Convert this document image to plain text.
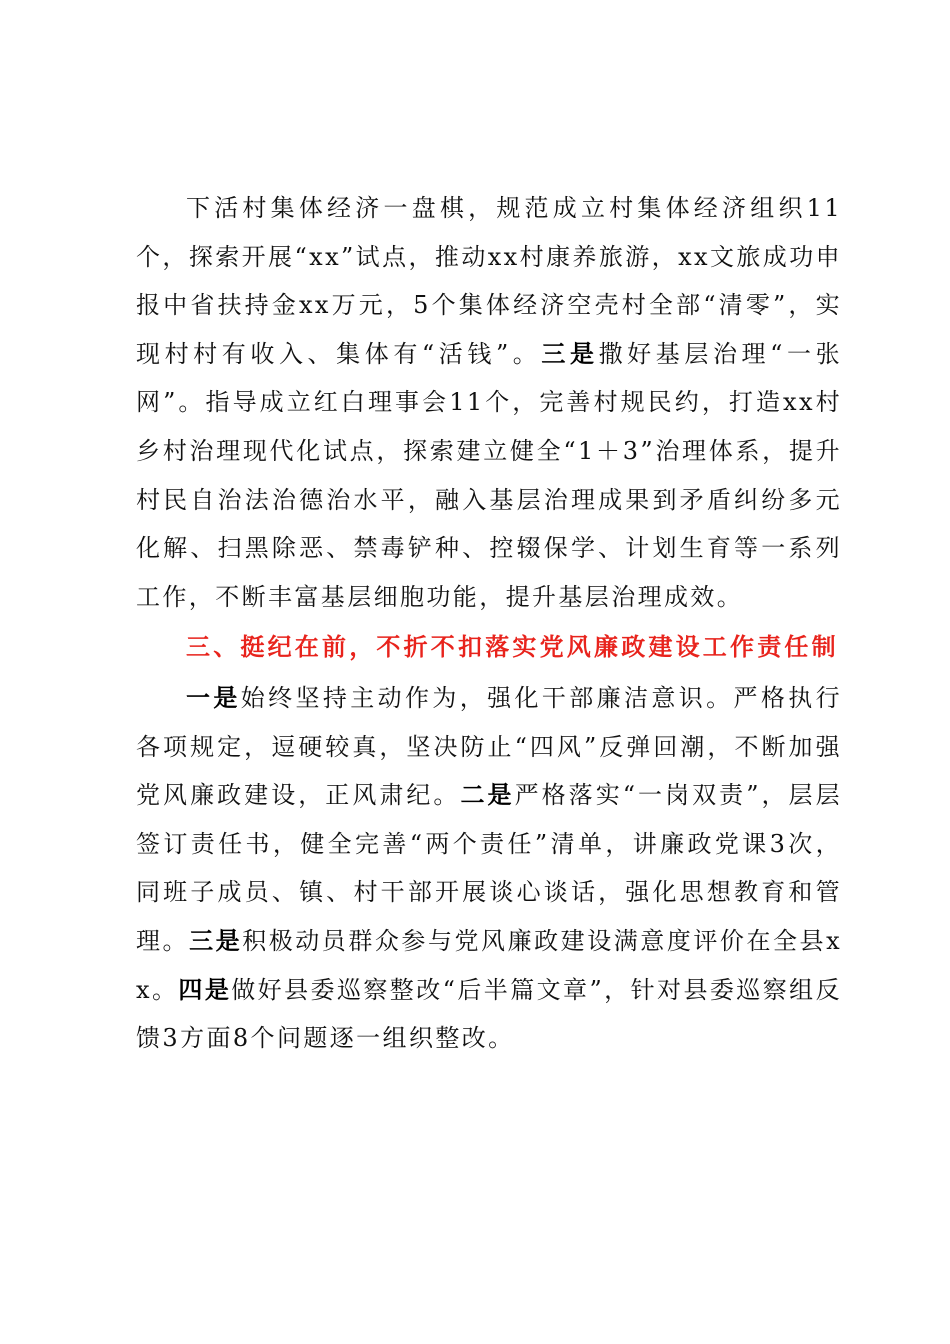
下活村集体经济一盘棋，规范成立村集体经济组织11个，探索开展“xx”试点，推动xx村康养旅游，xx文旅成功申报中省扶持金xx万元，5个集体经济空壳村全部“清零”，实现村村有收入、集体有“活钱”。三是撒好基层治理“一张网”。指导成立红白理事会11个，完善村规民约，打造xx村乡村治理现代化试点，探索建立健全“1＋3”治理体系，提升村民自治法治德治水平，融入基层治理成果到矛盾纠纷多元化解、扫黑除恶、禁毒铲种、控辍保学、计划生育等一系列工作，不断丰富基层细胞功能，提升基层治理成效。

三、挺纪在前，不折不扣落实党风廉政建设工作责任制

一是始终坚持主动作为，强化干部廉洁意识。严格执行各项规定，逗硬较真，坚决防止“四风”反弹回潮，不断加强党风廉政建设，正风肃纪。二是严格落实“一岗双责”，层层签订责任书，健全完善“两个责任”清单，讲廉政党课3次，同班子成员、镇、村干部开展谈心谈话，强化思想教育和管理。三是积极动员群众参与党风廉政建设满意度评价在全县xx。四是做好县委巡察整改“后半篇文章”，针对县委巡察组反馈3方面8个问题逐一组织整改。
